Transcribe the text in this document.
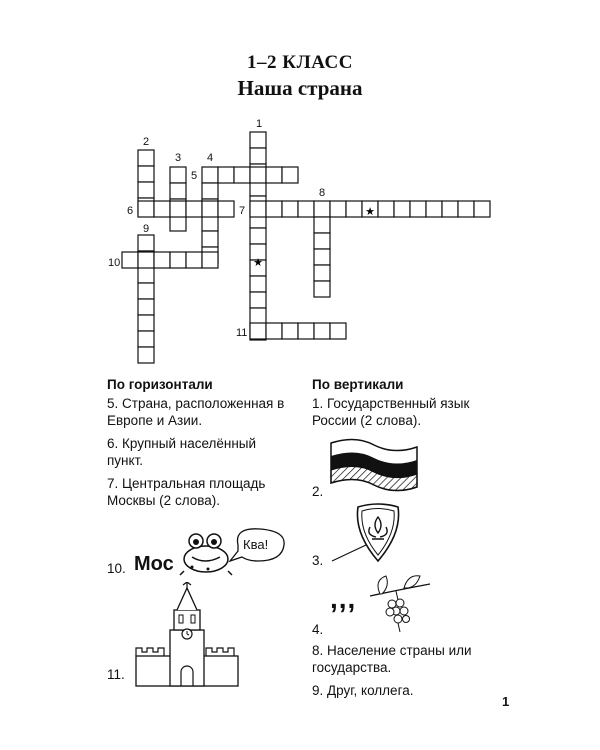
1–2 КЛАСС
Наша страна
★
★
1
2
3 4
5
6	7
8
9
10
11
По горизонтали

5. Страна, расположенная в Европе и Азии.

6. Крупный населённый пункт.

7. Центральная площадь Москвы (2 слова).

10. Мос
Ква!
11.
По вертикали

1. Государственный язык России (2 слова).

2.
3.
,,,
4.

8. Население страны или государства.

9. Друг, коллега.

1
